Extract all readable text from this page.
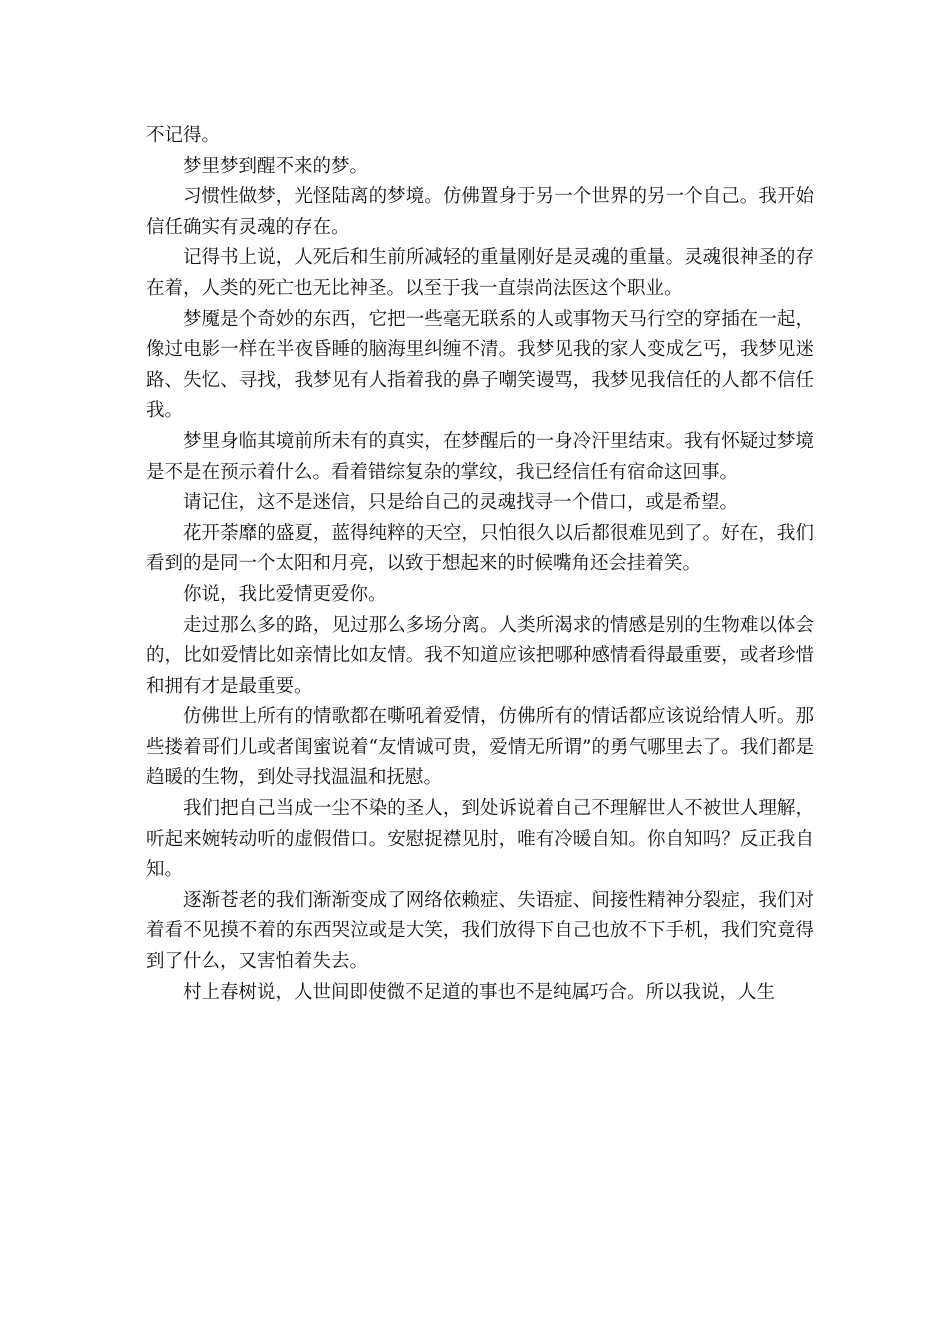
不记得。

梦里梦到醒不来的梦。

习惯性做梦，光怪陆离的梦境。仿佛置身于另一个世界的另一个自己。我开始信任确实有灵魂的存在。

记得书上说，人死后和生前所减轻的重量刚好是灵魂的重量。灵魂很神圣的存在着，人类的死亡也无比神圣。以至于我一直崇尚法医这个职业。

梦魇是个奇妙的东西，它把一些毫无联系的人或事物天马行空的穿插在一起，像过电影一样在半夜昏睡的脑海里纠缠不清。我梦见我的家人变成乞丐，我梦见迷路、失忆、寻找，我梦见有人指着我的鼻子嘲笑谩骂，我梦见我信任的人都不信任我。

梦里身临其境前所未有的真实，在梦醒后的一身冷汗里结束。我有怀疑过梦境是不是在预示着什么。看着错综复杂的掌纹，我已经信任有宿命这回事。

请记住，这不是迷信，只是给自己的灵魂找寻一个借口，或是希望。

花开荼靡的盛夏，蓝得纯粹的天空，只怕很久以后都很难见到了。好在，我们看到的是同一个太阳和月亮，以致于想起来的时候嘴角还会挂着笑。

你说，我比爱情更爱你。

走过那么多的路，见过那么多场分离。人类所渴求的情感是别的生物难以体会的，比如爱情比如亲情比如友情。我不知道应该把哪种感情看得最重要，或者珍惜和拥有才是最重要。

仿佛世上所有的情歌都在嘶吼着爱情，仿佛所有的情话都应该说给情人听。那些搂着哥们儿或者闺蜜说着“友情诚可贵，爱情无所谓”的勇气哪里去了。我们都是趋暖的生物，到处寻找温温和抚慰。

我们把自己当成一尘不染的圣人，到处诉说着自己不理解世人不被世人理解，听起来婉转动听的虚假借口。安慰捉襟见肘，唯有冷暖自知。你自知吗？反正我自知。

逐渐苍老的我们渐渐变成了网络依赖症、失语症、间接性精神分裂症，我们对着看不见摸不着的东西哭泣或是大笑，我们放得下自己也放不下手机，我们究竟得到了什么，又害怕着失去。

村上春树说，人世间即使微不足道的事也不是纯属巧合。所以我说，人生
